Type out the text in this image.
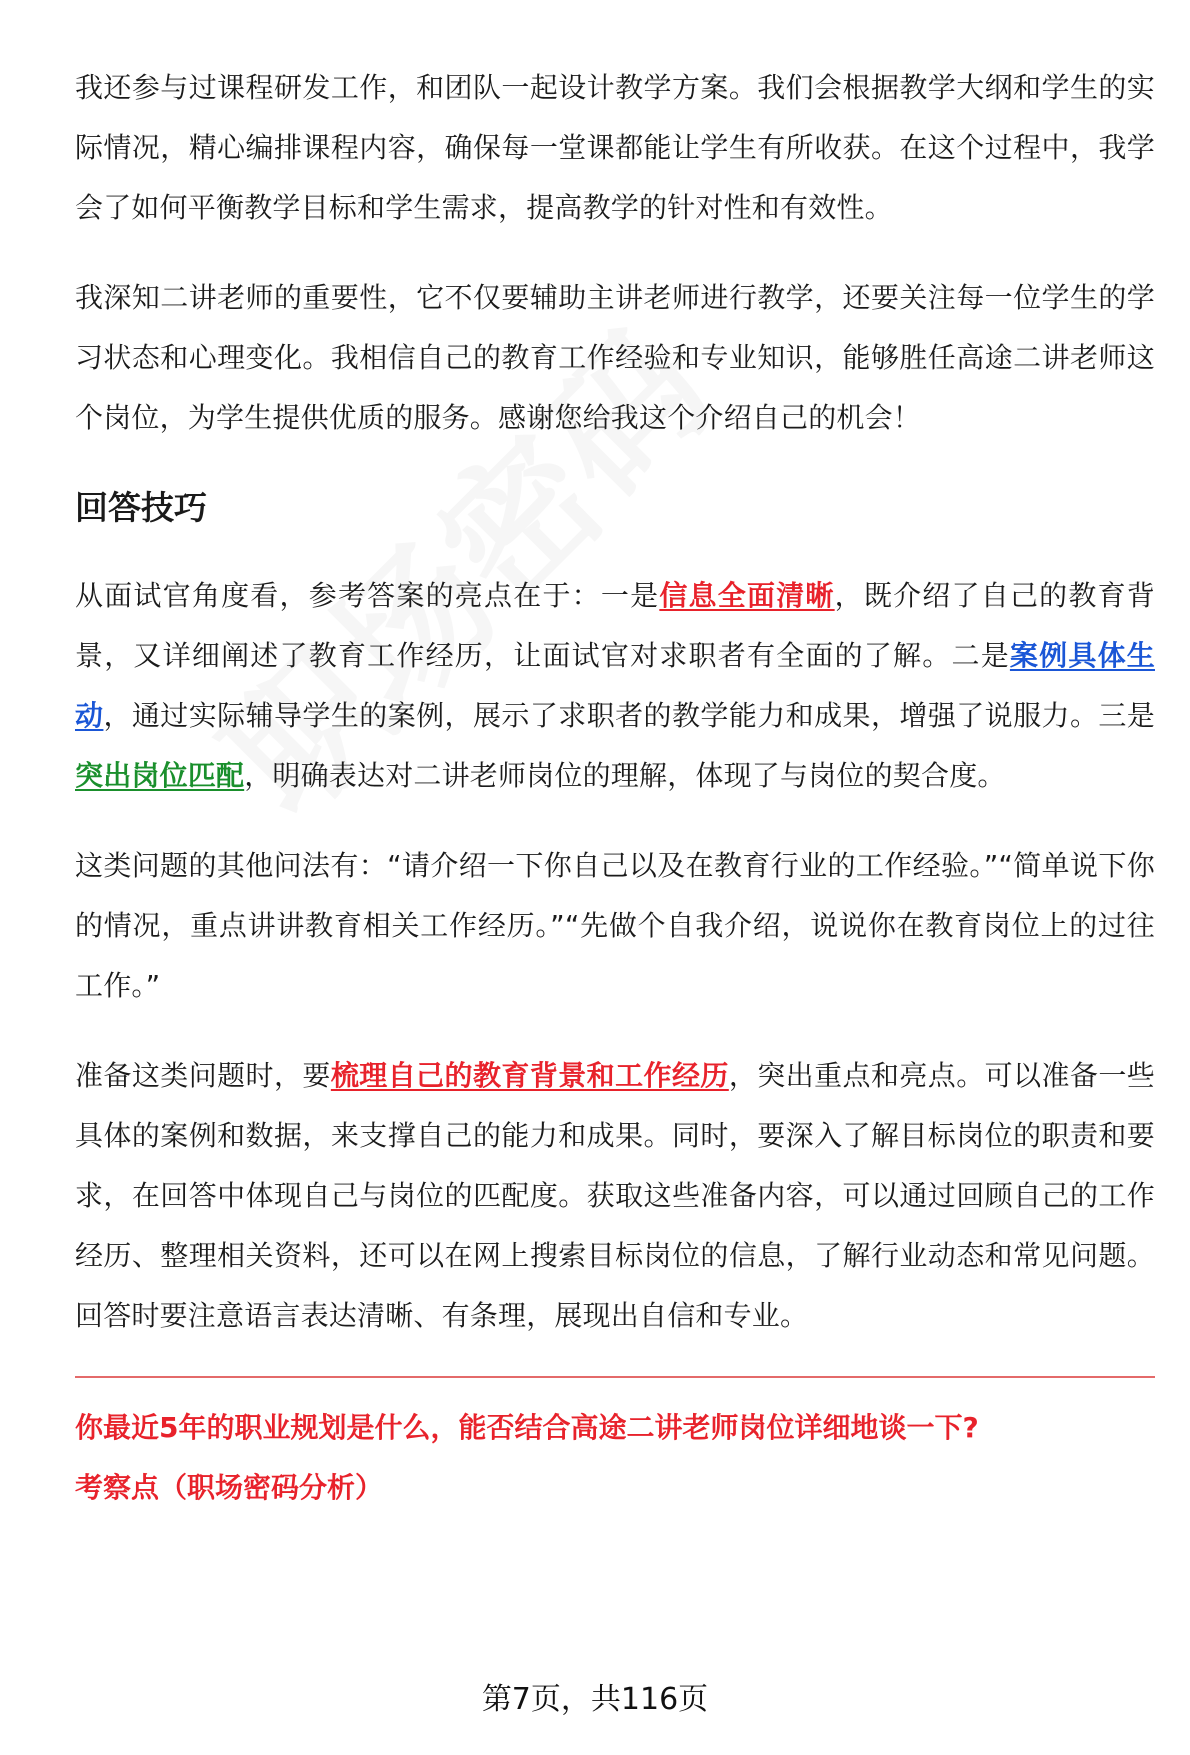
我还参与过课程研发工作，和团队一起设计教学方案。我们会根据教学大纲和学生的实际情况，精心编排课程内容，确保每一堂课都能让学生有所收获。在这个过程中，我学会了如何平衡教学目标和学生需求，提高教学的针对性和有效性。

我深知二讲老师的重要性，它不仅要辅助主讲老师进行教学，还要关注每一位学生的学习状态和心理变化。我相信自己的教育工作经验和专业知识，能够胜任高途二讲老师这个岗位，为学生提供优质的服务。感谢您给我这个介绍自己的机会！

回答技巧

从面试官角度看，参考答案的亮点在于：一是信息全面清晰，既介绍了自己的教育背景，又详细阐述了教育工作经历，让面试官对求职者有全面的了解。二是案例具体生动，通过实际辅导学生的案例，展示了求职者的教学能力和成果，增强了说服力。三是突出岗位匹配，明确表达对二讲老师岗位的理解，体现了与岗位的契合度。

这类问题的其他问法有：“请介绍一下你自己以及在教育行业的工作经验。”“简单说下你的情况，重点讲讲教育相关工作经历。”“先做个自我介绍，说说你在教育岗位上的过往工作。”

准备这类问题时，要梳理自己的教育背景和工作经历，突出重点和亮点。可以准备一些具体的案例和数据，来支撑自己的能力和成果。同时，要深入了解目标岗位的职责和要求，在回答中体现自己与岗位的匹配度。获取这些准备内容，可以通过回顾自己的工作经历、整理相关资料，还可以在网上搜索目标岗位的信息，了解行业动态和常见问题。回答时要注意语言表达清晰、有条理，展现出自信和专业。

你最近5年的职业规划是什么，能否结合高途二讲老师岗位详细地谈一下?

考察点（职场密码分析）

第7页，共116页
